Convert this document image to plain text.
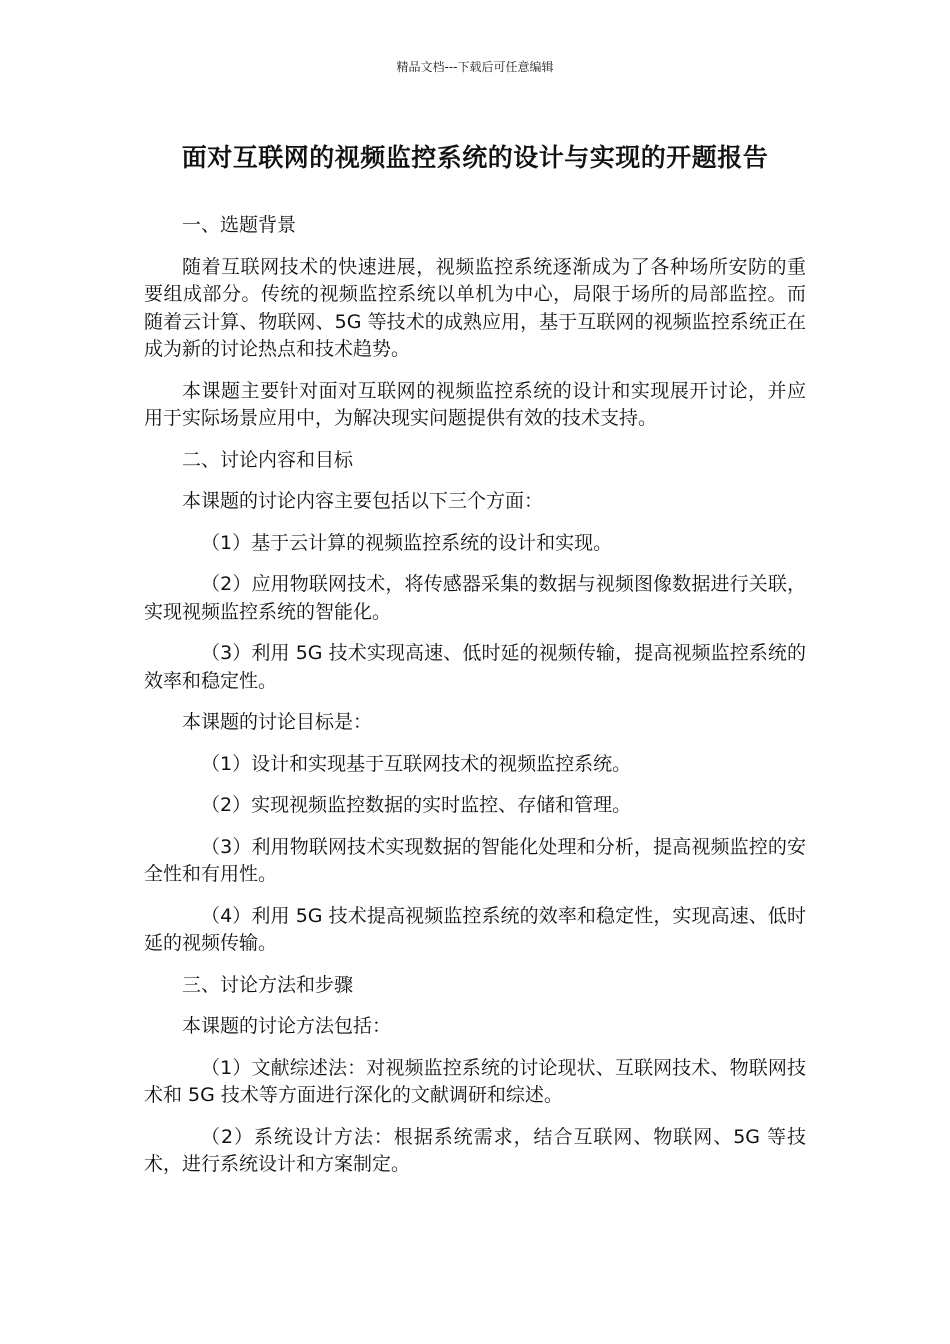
精品文档---下载后可任意编辑
面对互联网的视频监控系统的设计与实现的开题报告

一、选题背景

随着互联网技术的快速进展，视频监控系统逐渐成为了各种场所安防的重要组成部分。传统的视频监控系统以单机为中心，局限于场所的局部监控。而随着云计算、物联网、5G 等技术的成熟应用，基于互联网的视频监控系统正在成为新的讨论热点和技术趋势。

本课题主要针对面对互联网的视频监控系统的设计和实现展开讨论，并应用于实际场景应用中，为解决现实问题提供有效的技术支持。

二、讨论内容和目标

本课题的讨论内容主要包括以下三个方面：

（1）基于云计算的视频监控系统的设计和实现。

（2）应用物联网技术，将传感器采集的数据与视频图像数据进行关联，实现视频监控系统的智能化。

（3）利用 5G 技术实现高速、低时延的视频传输，提高视频监控系统的效率和稳定性。

本课题的讨论目标是：

（1）设计和实现基于互联网技术的视频监控系统。

（2）实现视频监控数据的实时监控、存储和管理。

（3）利用物联网技术实现数据的智能化处理和分析，提高视频监控的安全性和有用性。

（4）利用 5G 技术提高视频监控系统的效率和稳定性，实现高速、低时延的视频传输。

三、讨论方法和步骤

本课题的讨论方法包括：

（1）文献综述法：对视频监控系统的讨论现状、互联网技术、物联网技术和 5G 技术等方面进行深化的文献调研和综述。

（2）系统设计方法：根据系统需求，结合互联网、物联网、5G 等技术，进行系统设计和方案制定。
